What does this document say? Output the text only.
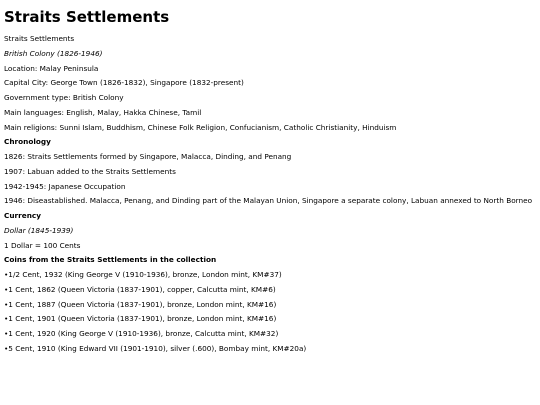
Straits Settlements

Straits Settlements

British Colony (1826-1946)

Location: Malay Peninsula

Capital City: George Town (1826-1832), Singapore (1832-present)

Government type: British Colony

Main languages: English, Malay, Hakka Chinese, Tamil

Main religions: Sunni Islam, Buddhism, Chinese Folk Religion, Confucianism, Catholic Christianity, Hinduism

Chronology

1826: Straits Settlements formed by Singapore, Malacca, Dinding, and Penang

1907: Labuan added to the Straits Settlements

1942-1945: Japanese Occupation

1946: Diseastablished. Malacca, Penang, and Dinding part of the Malayan Union, Singapore a separate colony, Labuan annexed to North Borneo

Currency

Dollar (1845-1939)

1 Dollar = 100 Cents

Coins from the Straits Settlements in the collection

•1/2 Cent, 1932 (King George V (1910-1936), bronze, London mint, KM#37)

•1 Cent, 1862 (Queen Victoria (1837-1901), copper, Calcutta mint, KM#6)

•1 Cent, 1887 (Queen Victoria (1837-1901), bronze, London mint, KM#16)

•1 Cent, 1901 (Queen Victoria (1837-1901), bronze, London mint, KM#16)

•1 Cent, 1920 (King George V (1910-1936), bronze, Calcutta mint, KM#32)

•5 Cent, 1910 (King Edward VII (1901-1910), silver (.600), Bombay mint, KM#20a)
